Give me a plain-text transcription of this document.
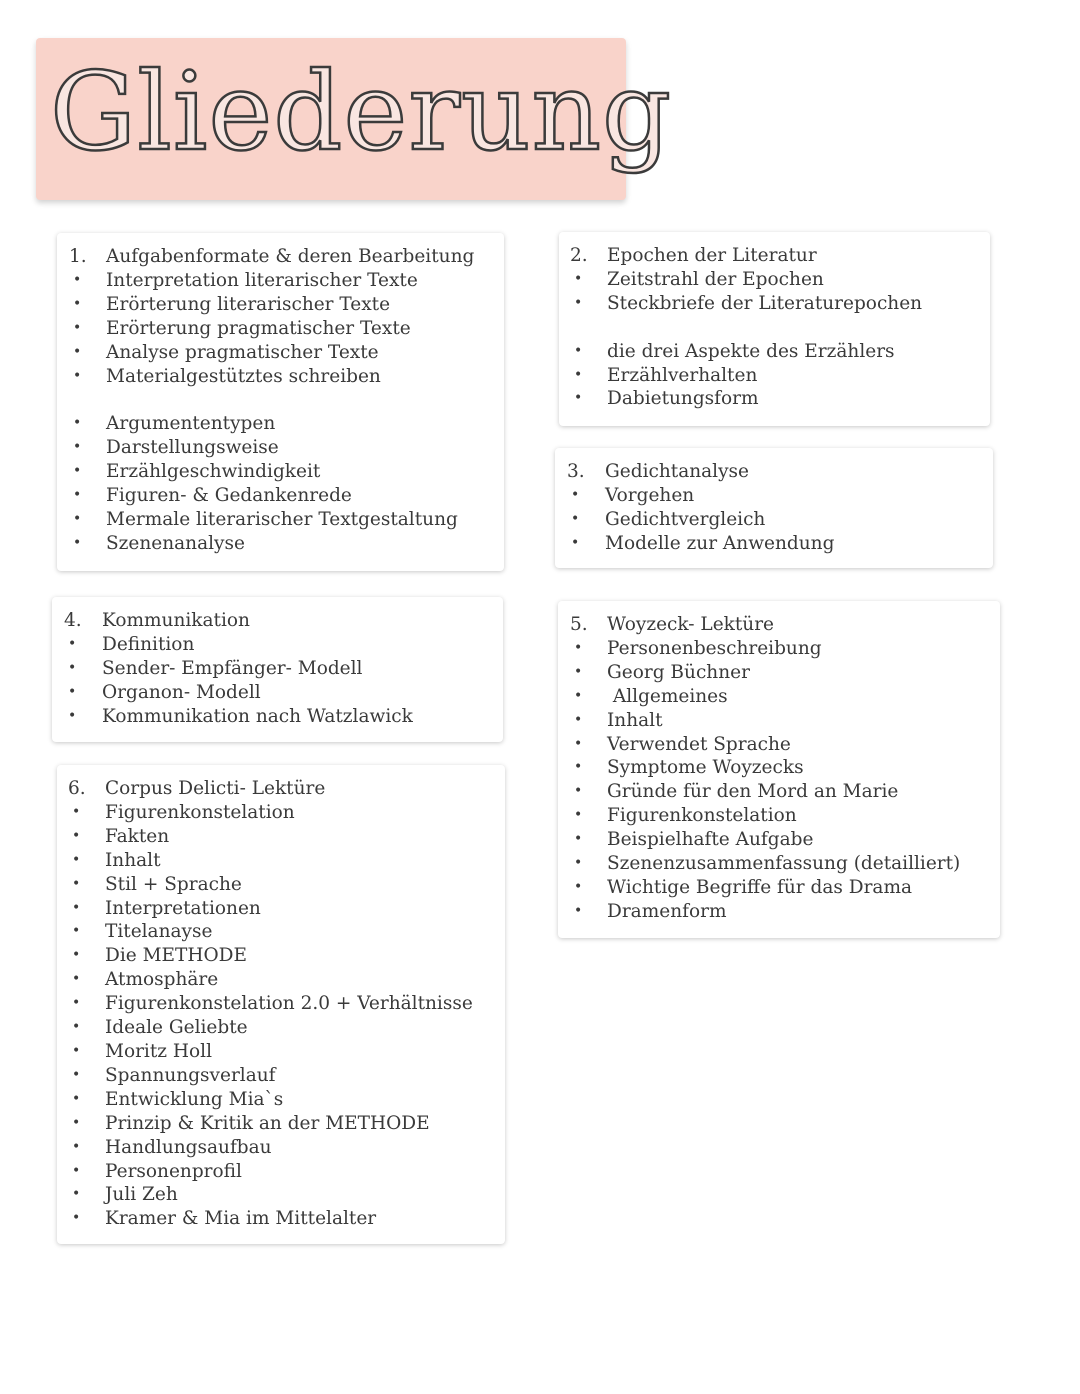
Gliederung
1. Aufgabenformate & deren Bearbeitung
• Interpretation literarischer Texte
• Erörterung literarischer Texte
• Erörterung pragmatischer Texte
• Analyse pragmatischer Texte
• Materialgestütztes schreiben
• Argumententypen
• Darstellungsweise
• Erzählgeschwindigkeit
• Figuren- & Gedankenrede
• Mermale literarischer Textgestaltung
• Szenenanalyse
2. Epochen der Literatur
• Zeitstrahl der Epochen
• Steckbriefe der Literaturepochen
• die drei Aspekte des Erzählers
• Erzählverhalten
• Dabietungsform
3. Gedichtanalyse
• Vorgehen
• Gedichtvergleich
• Modelle zur Anwendung
4. Kommunikation
• Definition
• Sender- Empfänger- Modell
• Organon- Modell
• Kommunikation nach Watzlawick
5. Woyzeck- Lektüre
• Personenbeschreibung
• Georg Büchner
• Allgemeines
• Inhalt
• Verwendet Sprache
• Symptome Woyzecks
• Gründe für den Mord an Marie
• Figurenkonstelation
• Beispielhafte Aufgabe
• Szenenzusammenfassung (detailliert)
• Wichtige Begriffe für das Drama
• Dramenform
6. Corpus Delicti- Lektüre
• Figurenkonstelation
• Fakten
• Inhalt
• Stil + Sprache
• Interpretationen
• Titelanayse
• Die METHODE
• Atmosphäre
• Figurenkonstelation 2.0 + Verhältnisse
• Ideale Geliebte
• Moritz Holl
• Spannungsverlauf
• Entwicklung Mia`s
• Prinzip & Kritik an der METHODE
• Handlungsaufbau
• Personenprofil
• Juli Zeh
• Kramer & Mia im Mittelalter
